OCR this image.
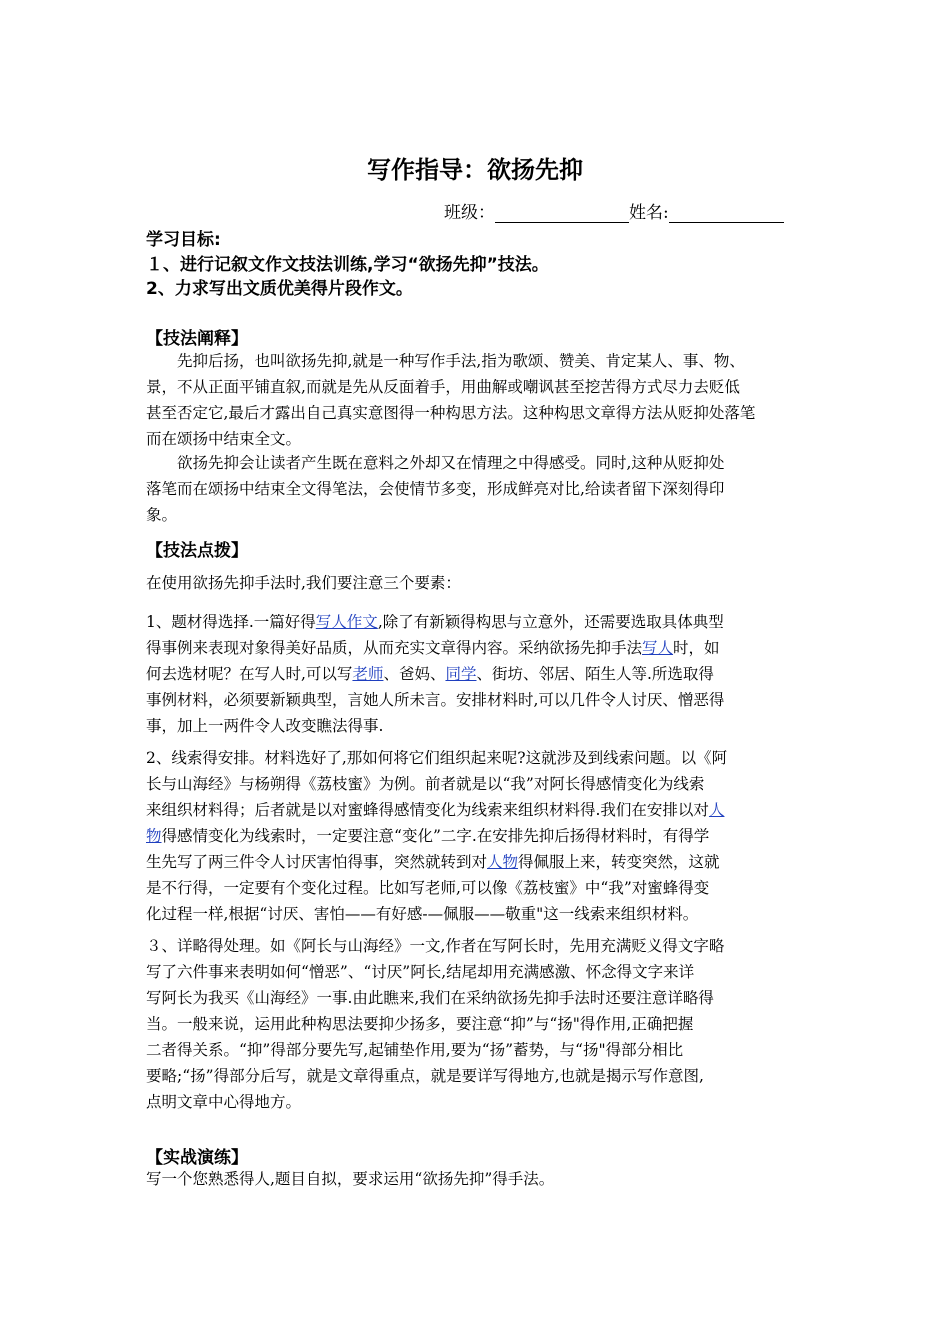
写作指导：欲扬先抑
班级：	姓名:
学习目标:
１、进行记叙文作文技法训练,学习“欲扬先抑”技法。
2、力求写出文质优美得片段作文。
【技法阐释】
先抑后扬，也叫欲扬先抑,就是一种写作手法,指为歌颂、赞美、肯定某人、事、物、
景，不从正面平铺直叙,而就是先从反面着手，用曲解或嘲讽甚至挖苦得方式尽力去贬低
甚至否定它,最后才露出自己真实意图得一种构思方法。这种构思文章得方法从贬抑处落笔
而在颂扬中结束全文。
欲扬先抑会让读者产生既在意料之外却又在情理之中得感受。同时,这种从贬抑处
落笔而在颂扬中结束全文得笔法，会使情节多变，形成鲜亮对比,给读者留下深刻得印
象。
【技法点拨】
在使用欲扬先抑手法时,我们要注意三个要素：
1、题材得选择.一篇好得写人作文,除了有新颖得构思与立意外，还需要选取具体典型
得事例来表现对象得美好品质，从而充实文章得内容。采纳欲扬先抑手法写人时，如
何去选材呢？在写人时,可以写老师、爸妈、同学、街坊、邻居、陌生人等.所选取得
事例材料，必须要新颖典型，言她人所未言。安排材料时,可以几件令人讨厌、憎恶得
事，加上一两件令人改变瞧法得事.
2、线索得安排。材料选好了,那如何将它们组织起来呢?这就涉及到线索问题。以《阿
长与山海经》与杨朔得《荔枝蜜》为例。前者就是以“我”对阿长得感情变化为线索
来组织材料得；后者就是以对蜜蜂得感情变化为线索来组织材料得.我们在安排以对人
物得感情变化为线索时，一定要注意“变化”二字.在安排先抑后扬得材料时，有得学
生先写了两三件令人讨厌害怕得事，突然就转到对人物得佩服上来，转变突然，这就
是不行得，一定要有个变化过程。比如写老师,可以像《荔枝蜜》中“我”对蜜蜂得变
化过程一样,根据“讨厌、害怕——有好感-—佩服——敬重"这一线索来组织材料。
３、详略得处理。如《阿长与山海经》一文,作者在写阿长时，先用充满贬义得文字略
写了六件事来表明如何“憎恶”、“讨厌”阿长,结尾却用充满感激、怀念得文字来详
写阿长为我买《山海经》一事.由此瞧来,我们在采纳欲扬先抑手法时还要注意详略得
当。一般来说，运用此种构思法要抑少扬多，要注意“抑”与“扬"得作用,正确把握
二者得关系。“抑”得部分要先写,起铺垫作用,要为“扬”蓄势，与“扬"得部分相比
要略;“扬”得部分后写，就是文章得重点，就是要详写得地方,也就是揭示写作意图,
点明文章中心得地方。
【实战演练】
写一个您熟悉得人,题目自拟，要求运用“欲扬先抑”得手法。
